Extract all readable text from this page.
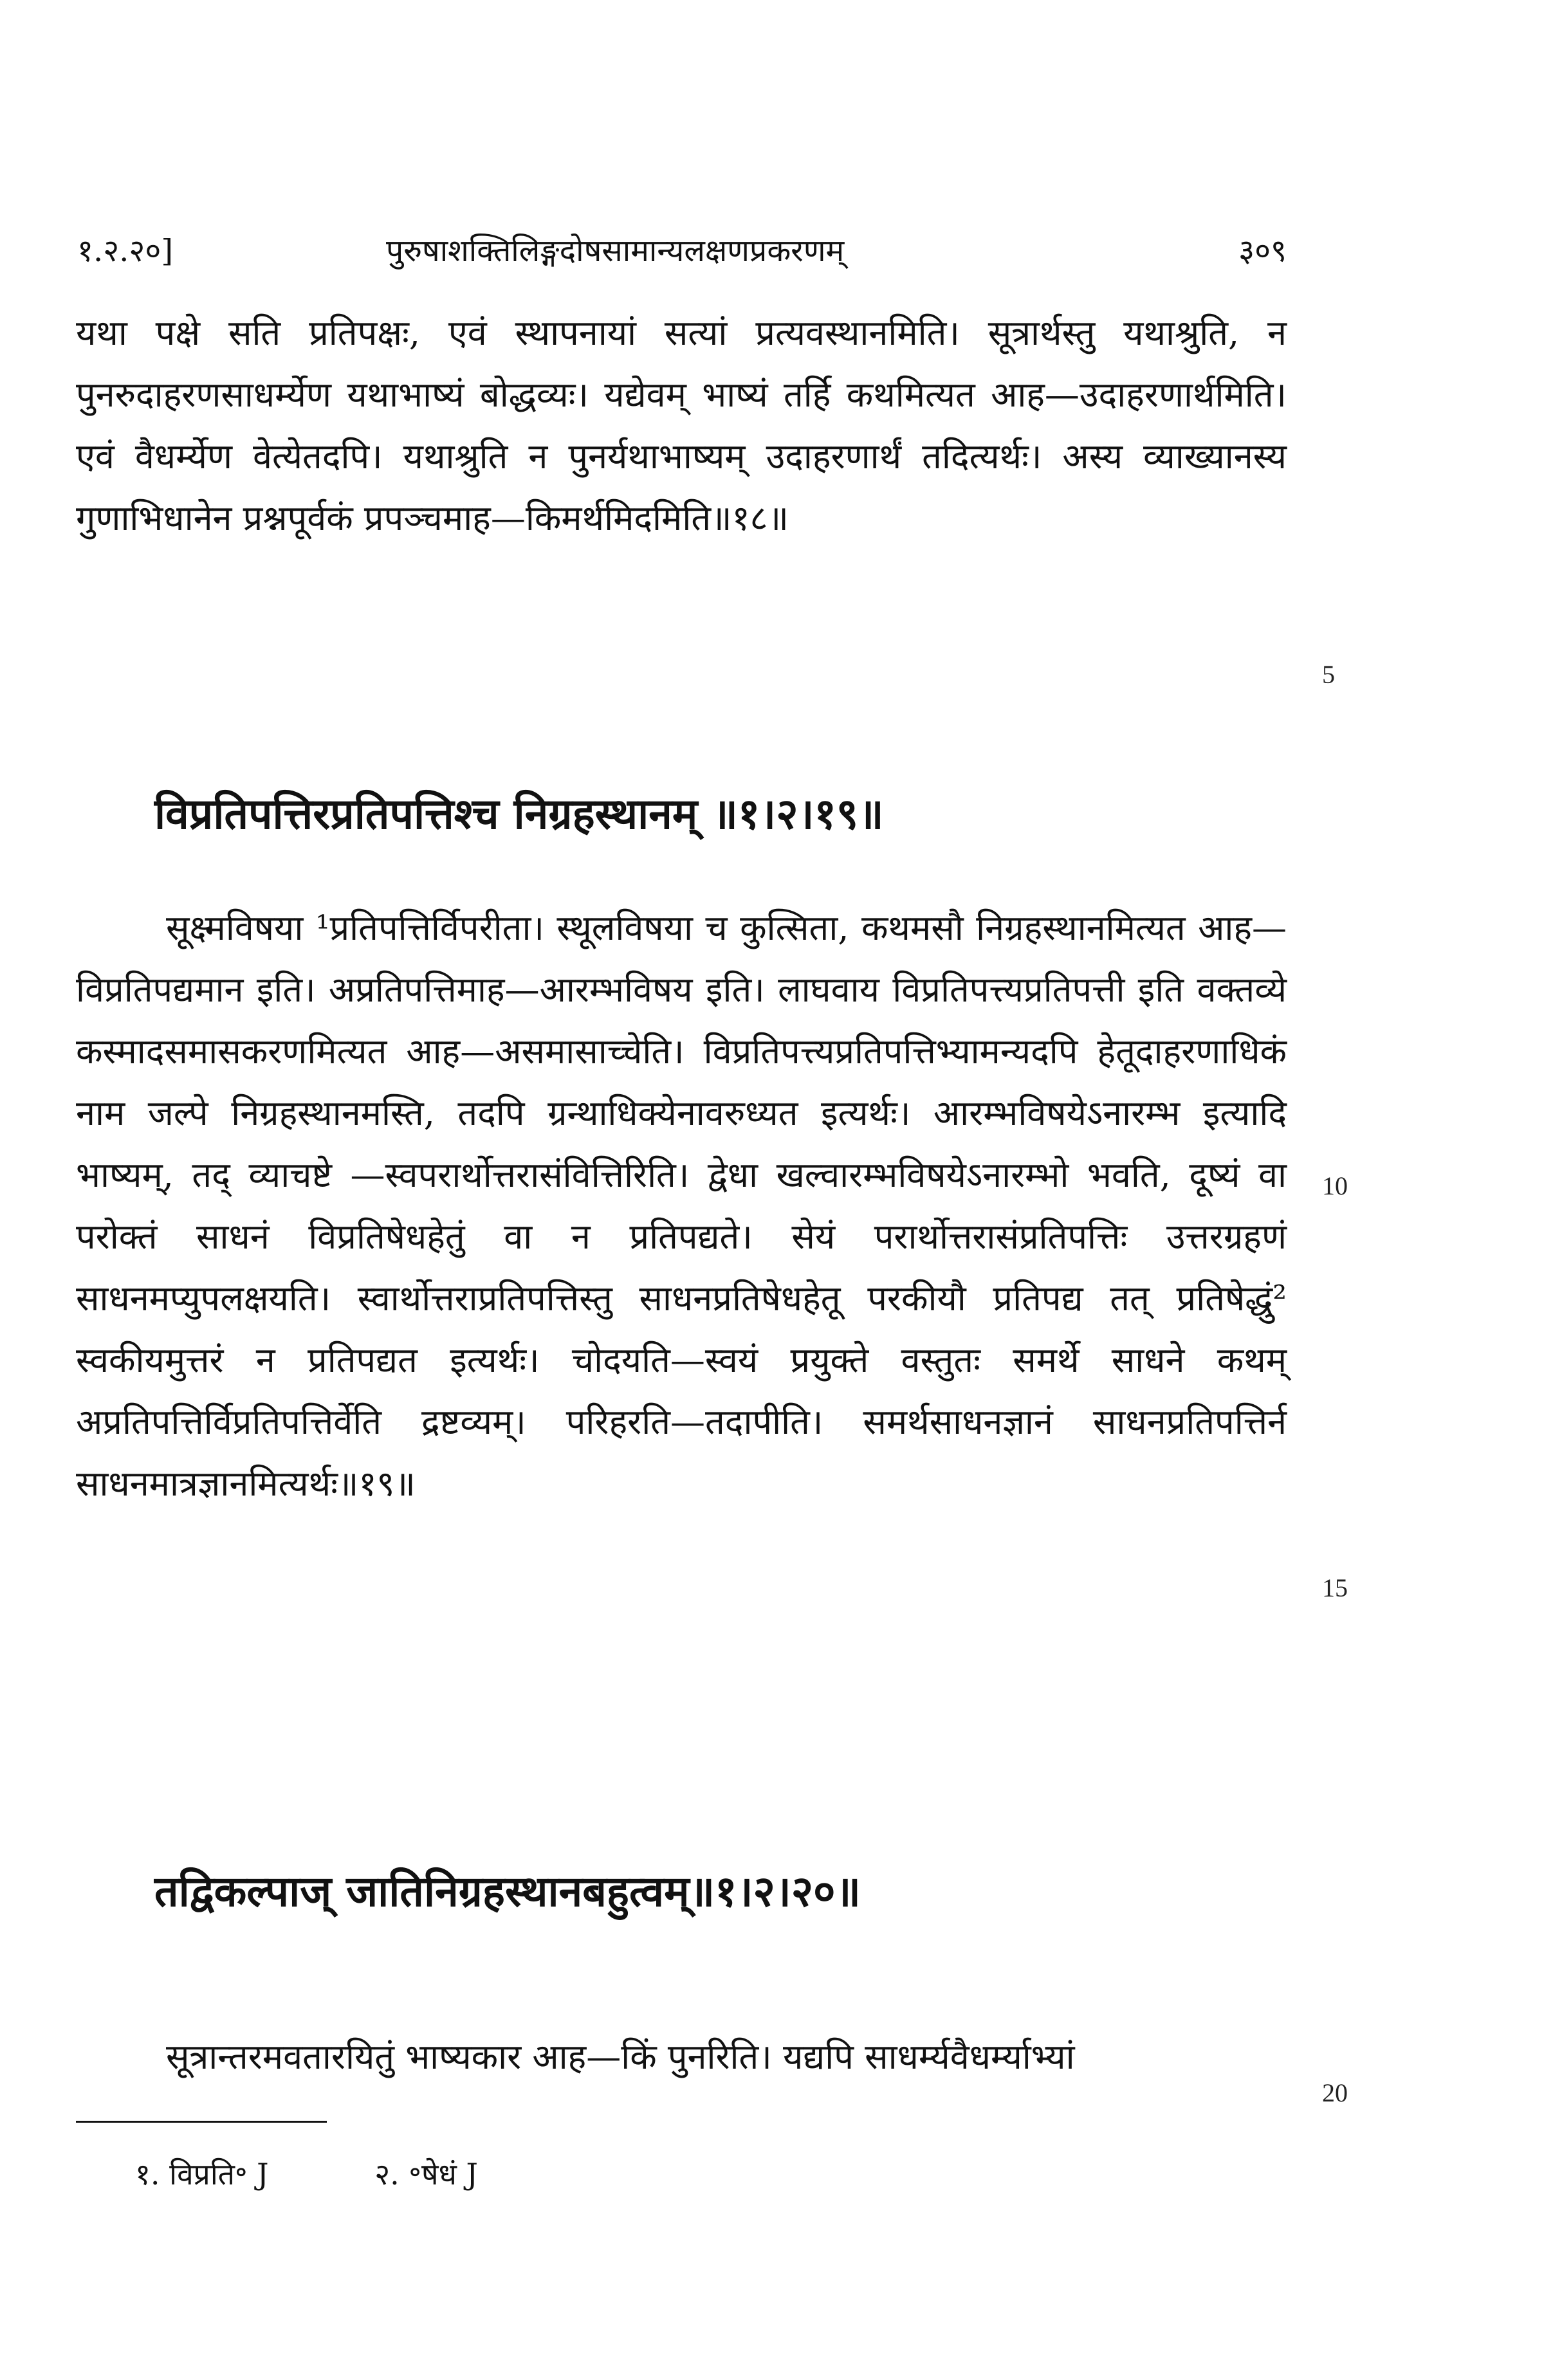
१.२.२०]	पुरुषाशक्तिलिङ्गदोषसामान्यलक्षणप्रकरणम्	३०९

यथा पक्षे सति प्रतिपक्षः, एवं स्थापनायां सत्यां प्रत्यवस्थानमिति। सूत्रार्थस्तु यथाश्रुति, न पुनरुदाहरणसाधर्म्येण यथाभाष्यं बोद्धव्यः। यद्येवम् भाष्यं तर्हि कथमित्यत आह—उदाहरणार्थमिति। एवं वैधर्म्येण वेत्येतदपि। यथाश्रुति न पुनर्यथाभाष्यम् उदाहरणार्थं तदित्यर्थः। अस्य व्याख्यानस्य गुणाभिधानेन प्रश्नपूर्वकं प्रपञ्चमाह—किमर्थमिदमिति॥१८॥

5
विप्रतिपत्तिरप्रतिपत्तिश्च निग्रहस्थानम् ॥१।२।१९॥

सूक्ष्मविषया ¹प्रतिपत्तिर्विपरीता। स्थूलविषया च कुत्सिता, कथमसौ निग्रहस्थानमित्यत आह—विप्रतिपद्यमान इति। अप्रतिपत्तिमाह—आरम्भविषय इति। लाघवाय विप्रतिपत्त्यप्रतिपत्ती इति वक्तव्ये कस्मादसमासकरणमित्यत आह—असमासाच्चेति। विप्रतिपत्त्यप्रतिपत्तिभ्यामन्यदपि हेतूदाहरणाधिकं नाम जल्पे निग्रहस्थानमस्ति, तदपि ग्रन्थाधिक्येनावरुध्यत इत्यर्थः। आरम्भविषयेऽनारम्भ इत्यादि भाष्यम्, तद् व्याचष्टे —स्वपरार्थोत्तरासंवित्तिरिति। द्वेधा खल्वारम्भविषयेऽनारम्भो भवति, दूष्यं वा परोक्तं साधनं विप्रतिषेधहेतुं वा न प्रतिपद्यते। सेयं परार्थोत्तरासंप्रतिपत्तिः उत्तरग्रहणं साधनमप्युपलक्षयति। स्वार्थोत्तराप्रतिपत्तिस्तु साधनप्रतिषेधहेतू परकीयौ प्रतिपद्य तत् प्रतिषेद्धुं² स्वकीयमुत्तरं न प्रतिपद्यत इत्यर्थः। चोदयति—स्वयं प्रयुक्ते वस्तुतः समर्थे साधने कथम् अप्रतिपत्तिर्विप्रतिपत्तिर्वेति द्रष्टव्यम्। परिहरति—तदापीति। समर्थसाधनज्ञानं साधनप्रतिपत्तिर्न साधनमात्रज्ञानमित्यर्थः॥१९॥

10
15
तद्विकल्पाज् जातिनिग्रहस्थानबहुत्वम्॥१।२।२०॥

सूत्रान्तरमवतारयितुं भाष्यकार आह—किं पुनरिति। यद्यपि साधर्म्यवैधर्म्याभ्यां

20
१. विप्रति॰ J	२. ॰षेधं J
